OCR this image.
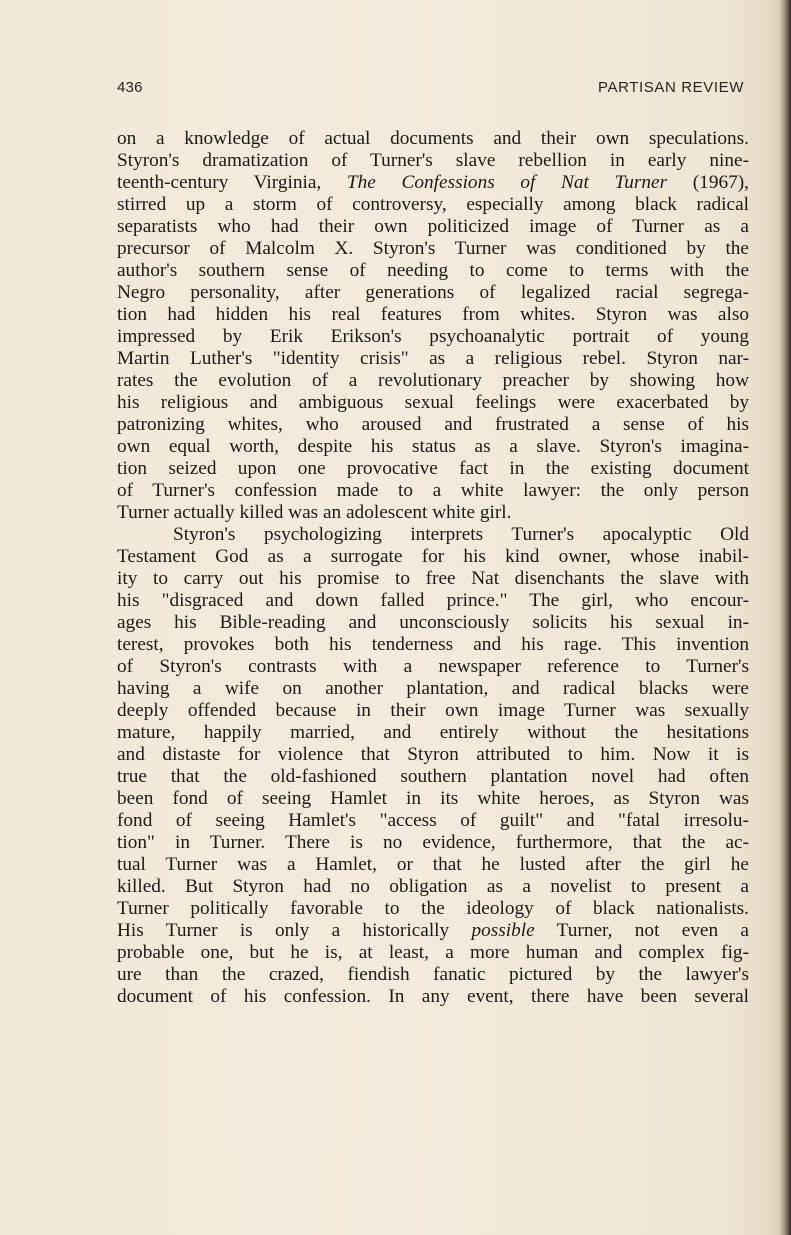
436	PARTISAN REVIEW
on a knowledge of actual documents and their own speculations.
Styron's dramatization of Turner's slave rebellion in early nine-
teenth-century Virginia, The Confessions of Nat Turner (1967),
stirred up a storm of controversy, especially among black radical
separatists who had their own politicized image of Turner as a
precursor of Malcolm X. Styron's Turner was conditioned by the
author's southern sense of needing to come to terms with the
Negro personality, after generations of legalized racial segrega-
tion had hidden his real features from whites. Styron was also
impressed by Erik Erikson's psychoanalytic portrait of young
Martin Luther's "identity crisis" as a religious rebel. Styron nar-
rates the evolution of a revolutionary preacher by showing how
his religious and ambiguous sexual feelings were exacerbated by
patronizing whites, who aroused and frustrated a sense of his
own equal worth, despite his status as a slave. Styron's imagina-
tion seized upon one provocative fact in the existing document
of Turner's confession made to a white lawyer: the only person
Turner actually killed was an adolescent white girl.
Styron's psychologizing interprets Turner's apocalyptic Old
Testament God as a surrogate for his kind owner, whose inabil-
ity to carry out his promise to free Nat disenchants the slave with
his "disgraced and down falled prince." The girl, who encour-
ages his Bible-reading and unconsciously solicits his sexual in-
terest, provokes both his tenderness and his rage. This invention
of Styron's contrasts with a newspaper reference to Turner's
having a wife on another plantation, and radical blacks were
deeply offended because in their own image Turner was sexually
mature, happily married, and entirely without the hesitations
and distaste for violence that Styron attributed to him. Now it is
true that the old-fashioned southern plantation novel had often
been fond of seeing Hamlet in its white heroes, as Styron was
fond of seeing Hamlet's "access of guilt" and "fatal irresolu-
tion" in Turner. There is no evidence, furthermore, that the ac-
tual Turner was a Hamlet, or that he lusted after the girl he
killed. But Styron had no obligation as a novelist to present a
Turner politically favorable to the ideology of black nationalists.
His Turner is only a historically possible Turner, not even a
probable one, but he is, at least, a more human and complex fig-
ure than the crazed, fiendish fanatic pictured by the lawyer's
document of his confession. In any event, there have been several
